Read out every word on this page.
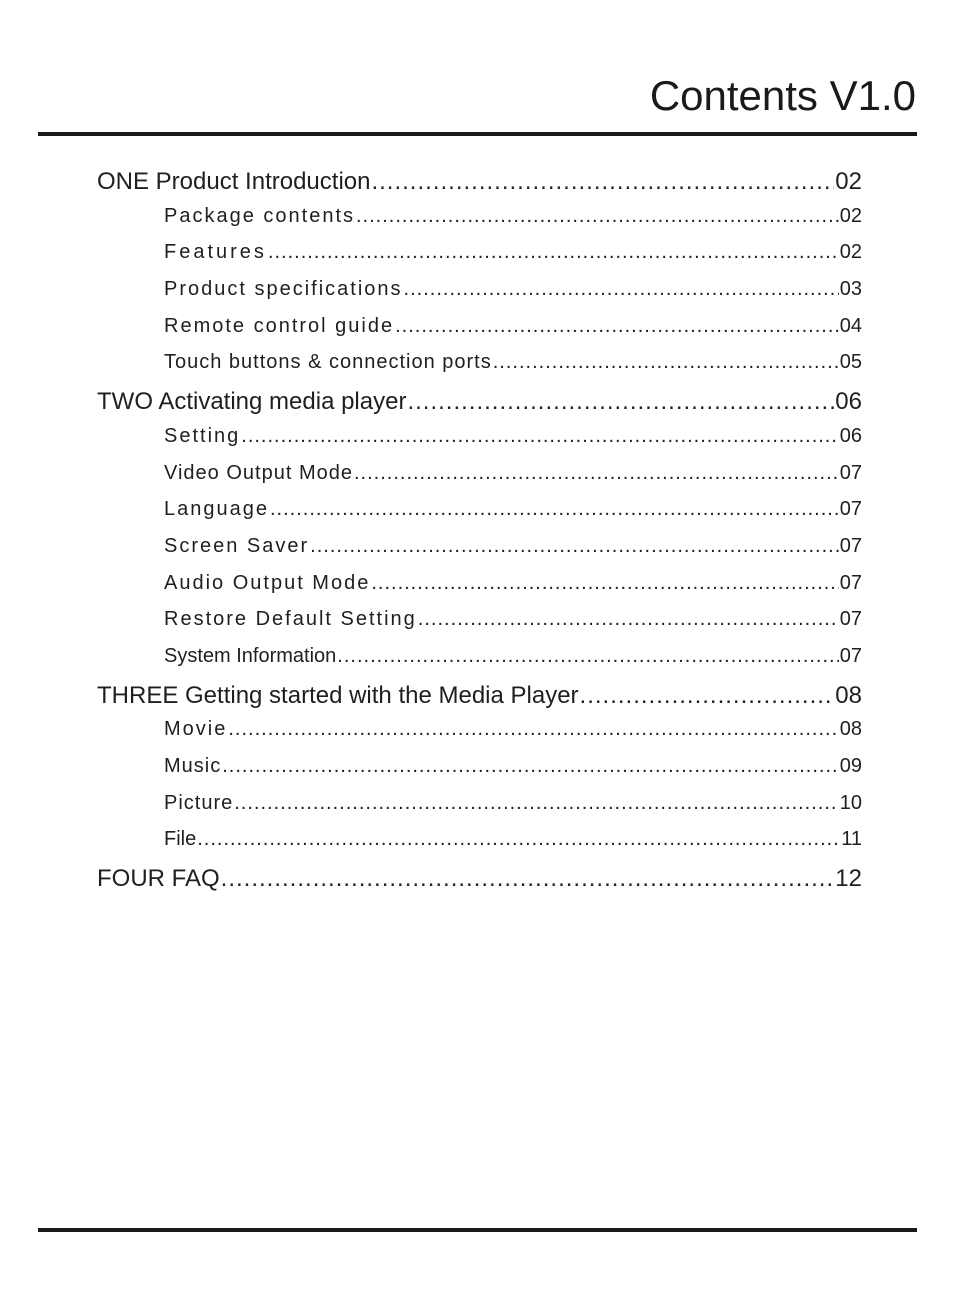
Contents V1.0
ONE Product Introduction .....	02
Package contents .....	02
Features .....	02
Product specifications .....	03
Remote control guide .....	04
Touch buttons & connection ports .....	05
TWO Activating media player .....	06
Setting .....	06
Video Output Mode .....	07
Language .....	07
Screen Saver .....	07
Audio Output Mode .....	07
Restore Default Setting .....	07
System Information .....	07
THREE Getting started with the Media Player .....	08
Movie .....	08
Music .....	09
Picture .....	10
File .....	11
FOUR FAQ .....	12
